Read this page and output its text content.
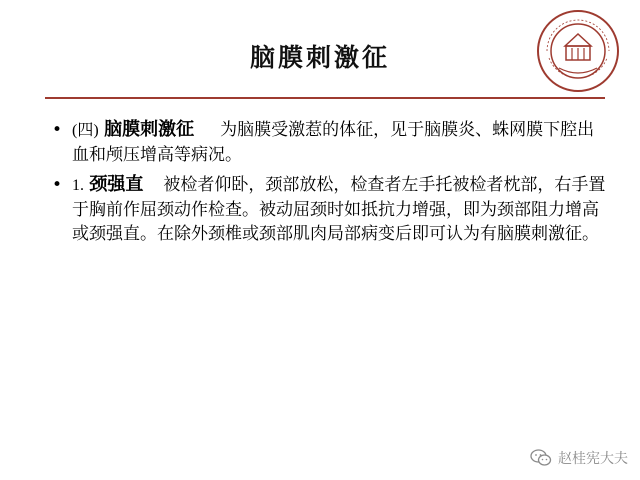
脑膜刺激征
• (四) 脑膜刺激征 为脑膜受激惹的体征，见于脑膜炎、蛛网膜下腔出血和颅压增高等病况。
• 1. 颈强直 被检者仰卧，颈部放松，检查者左手托被检者枕部，右手置于胸前作屈颈动作检查。被动屈颈时如抵抗力增强，即为颈部阻力增高或颈强直。在除外颈椎或颈部肌肉局部病变后即可认为有脑膜刺激征。
赵桂宪大夫
